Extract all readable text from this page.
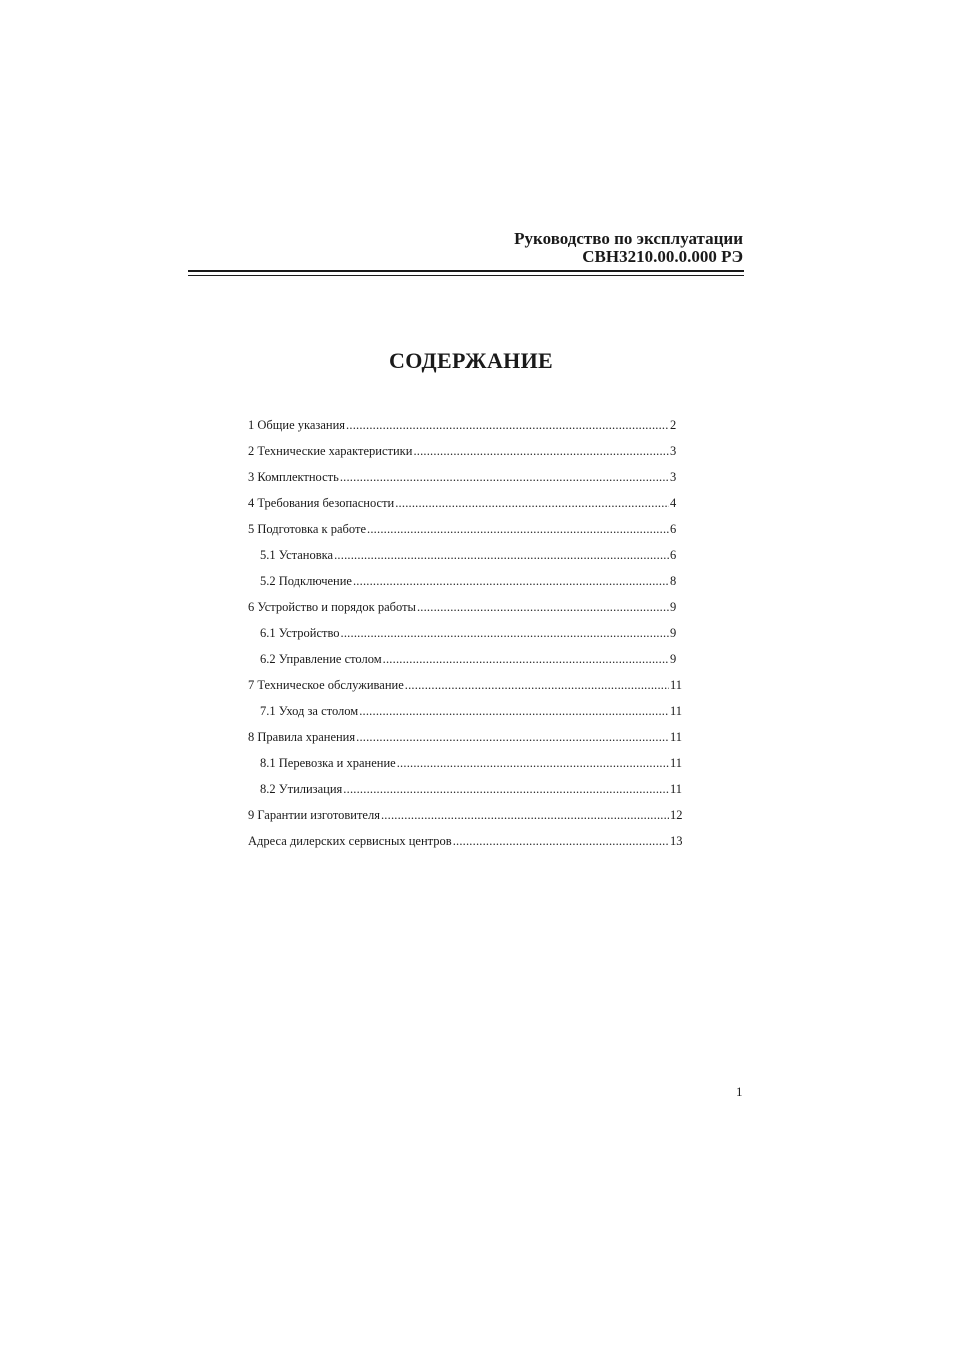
Руководство по эксплуатации
СВН3210.00.0.000 РЭ
СОДЕРЖАНИЕ
1 Общие указания .....	2
2 Технические характеристики .....	3
3 Комплектность .....	3
4 Требования безопасности .....	4
5 Подготовка к работе .....	6
5.1 Установка .....	6
5.2 Подключение .....	8
6 Устройство и порядок работы .....	9
6.1 Устройство .....	9
6.2 Управление столом .....	9
7 Техническое обслуживание .....	11
7.1 Уход за столом .....	11
8 Правила хранения .....	11
8.1 Перевозка и хранение .....	11
8.2 Утилизация .....	11
9 Гарантии изготовителя .....	12
Адреса дилерских сервисных центров .....	13
1
